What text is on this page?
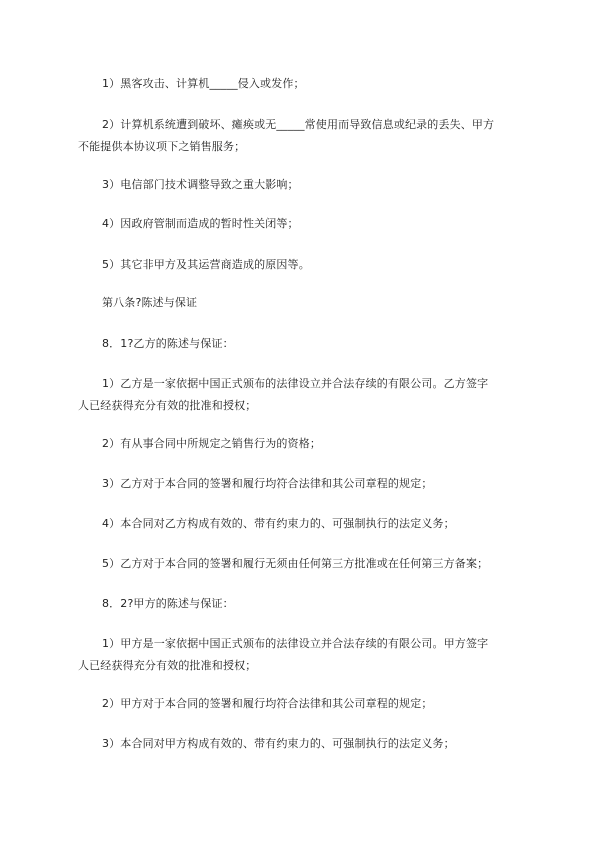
1）黑客攻击、计算机_____侵入或发作；

2）计算机系统遭到破坏、瘫痪或无_____常使用而导致信息或纪录的丢失、甲方
不能提供本协议项下之销售服务；

3）电信部门技术调整导致之重大影响；

4）因政府管制而造成的暂时性关闭等；

5）其它非甲方及其运营商造成的原因等。

第八条?陈述与保证

8．1?乙方的陈述与保证：

1）乙方是一家依据中国正式颁布的法律设立并合法存续的有限公司。乙方签字
人已经获得充分有效的批准和授权；

2）有从事合同中所规定之销售行为的资格；

3）乙方对于本合同的签署和履行均符合法律和其公司章程的规定；

4）本合同对乙方构成有效的、带有约束力的、可强制执行的法定义务；

5）乙方对于本合同的签署和履行无须由任何第三方批准或在任何第三方备案；

8．2?甲方的陈述与保证：

1）甲方是一家依据中国正式颁布的法律设立并合法存续的有限公司。甲方签字
人已经获得充分有效的批准和授权；

2）甲方对于本合同的签署和履行均符合法律和其公司章程的规定；

3）本合同对甲方构成有效的、带有约束力的、可强制执行的法定义务；
